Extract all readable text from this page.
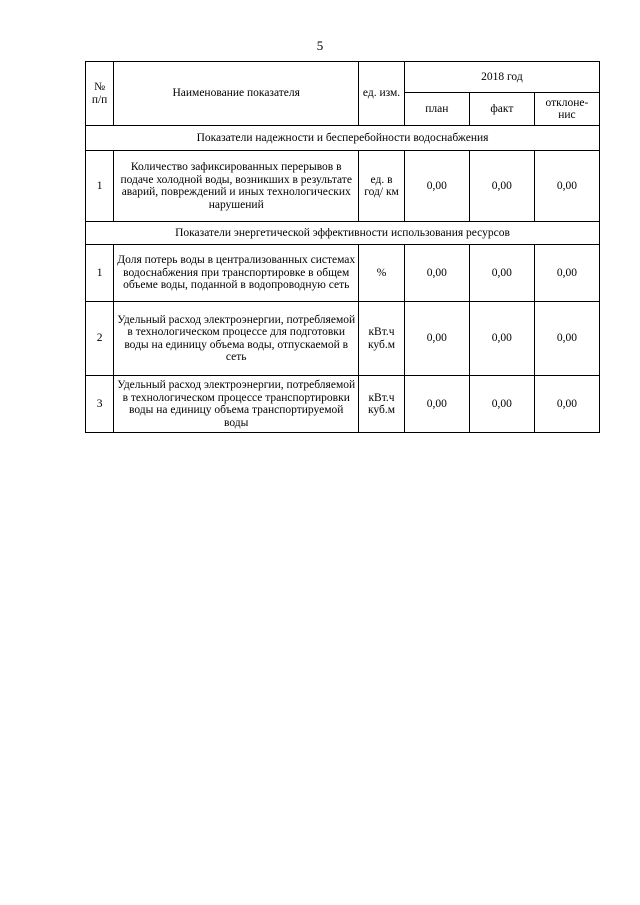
5
№ п/п	Наименование показателя	ед. изм.	2018 год		
			план	факт	отклоне-нис
Показатели надежности и бесперебойности водоснабжения					
1	Количество зафиксированных перерывов в подаче холодной воды, возникших в результате аварий, повреждений и иных технологических нарушений	ед. в год/ км	0,00	0,00	0,00
Показатели энергетической эффективности использования ресурсов					
1	Доля потерь воды в централизованных системах водоснабжения при транспортировке в общем объеме воды, поданной в водопроводную сеть	%	0,00	0,00	0,00
2	Удельный расход электроэнергии, потребляемой в технологическом процессе для подготовки воды на единицу объема воды, отпускаемой в сеть	кВт.ч куб.м	0,00	0,00	0,00
3	Удельный расход электроэнергии, потребляемой в технологическом процессе транспортировки воды на единицу объема транспортируемой воды	кВт.ч куб.м	0,00	0,00	0,00
